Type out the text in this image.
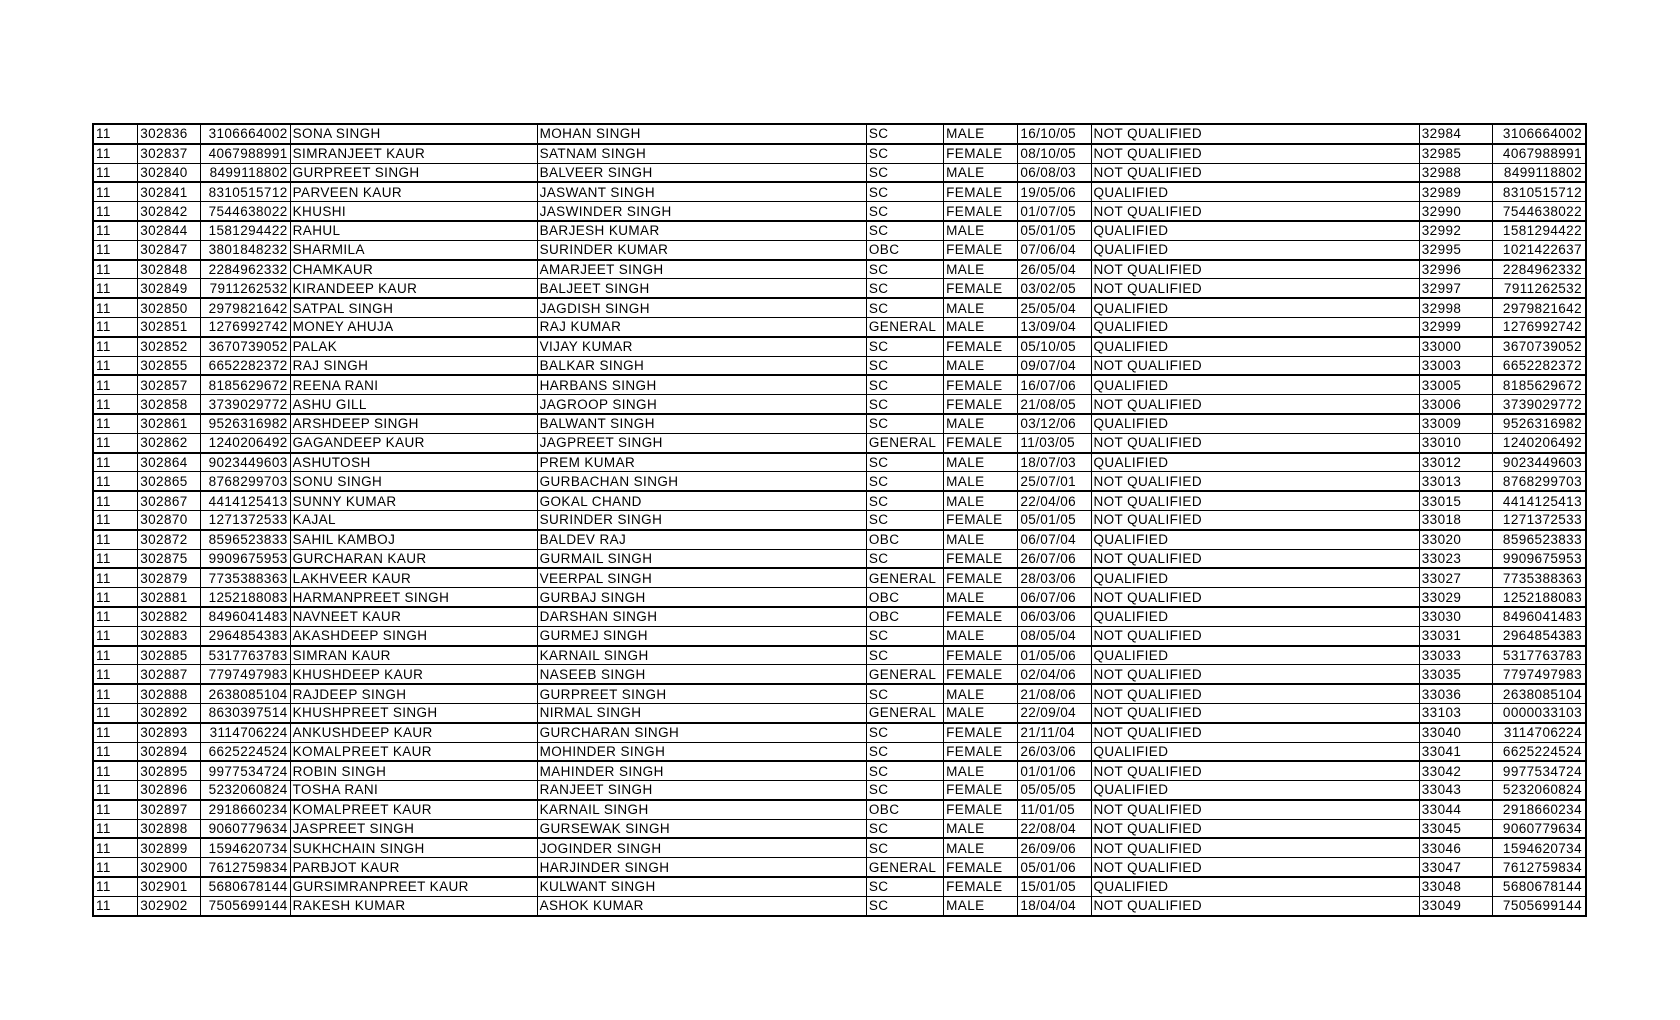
11	302836	3106664002	SONA SINGH	MOHAN SINGH	SC	MALE	16/10/05	NOT QUALIFIED	32984	3106664002
11	302837	4067988991	SIMRANJEET KAUR	SATNAM SINGH	SC	FEMALE	08/10/05	NOT QUALIFIED	32985	4067988991
11	302840	8499118802	GURPREET SINGH	BALVEER SINGH	SC	MALE	06/08/03	NOT QUALIFIED	32988	8499118802
11	302841	8310515712	PARVEEN KAUR	JASWANT SINGH	SC	FEMALE	19/05/06	QUALIFIED	32989	8310515712
11	302842	7544638022	KHUSHI	JASWINDER SINGH	SC	FEMALE	01/07/05	NOT QUALIFIED	32990	7544638022
11	302844	1581294422	RAHUL	BARJESH KUMAR	SC	MALE	05/01/05	QUALIFIED	32992	1581294422
11	302847	3801848232	SHARMILA	SURINDER KUMAR	OBC	FEMALE	07/06/04	QUALIFIED	32995	1021422637
11	302848	2284962332	CHAMKAUR	AMARJEET SINGH	SC	MALE	26/05/04	NOT QUALIFIED	32996	2284962332
11	302849	7911262532	KIRANDEEP KAUR	BALJEET SINGH	SC	FEMALE	03/02/05	NOT QUALIFIED	32997	7911262532
11	302850	2979821642	SATPAL SINGH	JAGDISH SINGH	SC	MALE	25/05/04	QUALIFIED	32998	2979821642
11	302851	1276992742	MONEY AHUJA	RAJ KUMAR	GENERAL	MALE	13/09/04	QUALIFIED	32999	1276992742
11	302852	3670739052	PALAK	VIJAY KUMAR	SC	FEMALE	05/10/05	QUALIFIED	33000	3670739052
11	302855	6652282372	RAJ SINGH	BALKAR SINGH	SC	MALE	09/07/04	NOT QUALIFIED	33003	6652282372
11	302857	8185629672	REENA RANI	HARBANS SINGH	SC	FEMALE	16/07/06	QUALIFIED	33005	8185629672
11	302858	3739029772	ASHU GILL	JAGROOP SINGH	SC	FEMALE	21/08/05	NOT QUALIFIED	33006	3739029772
11	302861	9526316982	ARSHDEEP SINGH	BALWANT SINGH	SC	MALE	03/12/06	QUALIFIED	33009	9526316982
11	302862	1240206492	GAGANDEEP KAUR	JAGPREET SINGH	GENERAL	FEMALE	11/03/05	NOT QUALIFIED	33010	1240206492
11	302864	9023449603	ASHUTOSH	PREM KUMAR	SC	MALE	18/07/03	QUALIFIED	33012	9023449603
11	302865	8768299703	SONU SINGH	GURBACHAN SINGH	SC	MALE	25/07/01	NOT QUALIFIED	33013	8768299703
11	302867	4414125413	SUNNY KUMAR	GOKAL CHAND	SC	MALE	22/04/06	NOT QUALIFIED	33015	4414125413
11	302870	1271372533	KAJAL	SURINDER SINGH	SC	FEMALE	05/01/05	NOT QUALIFIED	33018	1271372533
11	302872	8596523833	SAHIL KAMBOJ	BALDEV RAJ	OBC	MALE	06/07/04	QUALIFIED	33020	8596523833
11	302875	9909675953	GURCHARAN KAUR	GURMAIL SINGH	SC	FEMALE	26/07/06	NOT QUALIFIED	33023	9909675953
11	302879	7735388363	LAKHVEER KAUR	VEERPAL SINGH	GENERAL	FEMALE	28/03/06	QUALIFIED	33027	7735388363
11	302881	1252188083	HARMANPREET SINGH	GURBAJ SINGH	OBC	MALE	06/07/06	NOT QUALIFIED	33029	1252188083
11	302882	8496041483	NAVNEET KAUR	DARSHAN SINGH	OBC	FEMALE	06/03/06	QUALIFIED	33030	8496041483
11	302883	2964854383	AKASHDEEP SINGH	GURMEJ SINGH	SC	MALE	08/05/04	NOT QUALIFIED	33031	2964854383
11	302885	5317763783	SIMRAN KAUR	KARNAIL SINGH	SC	FEMALE	01/05/06	QUALIFIED	33033	5317763783
11	302887	7797497983	KHUSHDEEP KAUR	NASEEB SINGH	GENERAL	FEMALE	02/04/06	NOT QUALIFIED	33035	7797497983
11	302888	2638085104	RAJDEEP SINGH	GURPREET SINGH	SC	MALE	21/08/06	NOT QUALIFIED	33036	2638085104
11	302892	8630397514	KHUSHPREET SINGH	NIRMAL SINGH	GENERAL	MALE	22/09/04	NOT QUALIFIED	33103	0000033103
11	302893	3114706224	ANKUSHDEEP KAUR	GURCHARAN SINGH	SC	FEMALE	21/11/04	NOT QUALIFIED	33040	3114706224
11	302894	6625224524	KOMALPREET KAUR	MOHINDER SINGH	SC	FEMALE	26/03/06	QUALIFIED	33041	6625224524
11	302895	9977534724	ROBIN SINGH	MAHINDER SINGH	SC	MALE	01/01/06	NOT QUALIFIED	33042	9977534724
11	302896	5232060824	TOSHA RANI	RANJEET SINGH	SC	FEMALE	05/05/05	QUALIFIED	33043	5232060824
11	302897	2918660234	KOMALPREET KAUR	KARNAIL SINGH	OBC	FEMALE	11/01/05	NOT QUALIFIED	33044	2918660234
11	302898	9060779634	JASPREET SINGH	GURSEWAK SINGH	SC	MALE	22/08/04	NOT QUALIFIED	33045	9060779634
11	302899	1594620734	SUKHCHAIN SINGH	JOGINDER SINGH	SC	MALE	26/09/06	NOT QUALIFIED	33046	1594620734
11	302900	7612759834	PARBJOT KAUR	HARJINDER SINGH	GENERAL	FEMALE	05/01/06	NOT QUALIFIED	33047	7612759834
11	302901	5680678144	GURSIMRANPREET KAUR	KULWANT SINGH	SC	FEMALE	15/01/05	QUALIFIED	33048	5680678144
11	302902	7505699144	RAKESH KUMAR	ASHOK KUMAR	SC	MALE	18/04/04	NOT QUALIFIED	33049	7505699144
